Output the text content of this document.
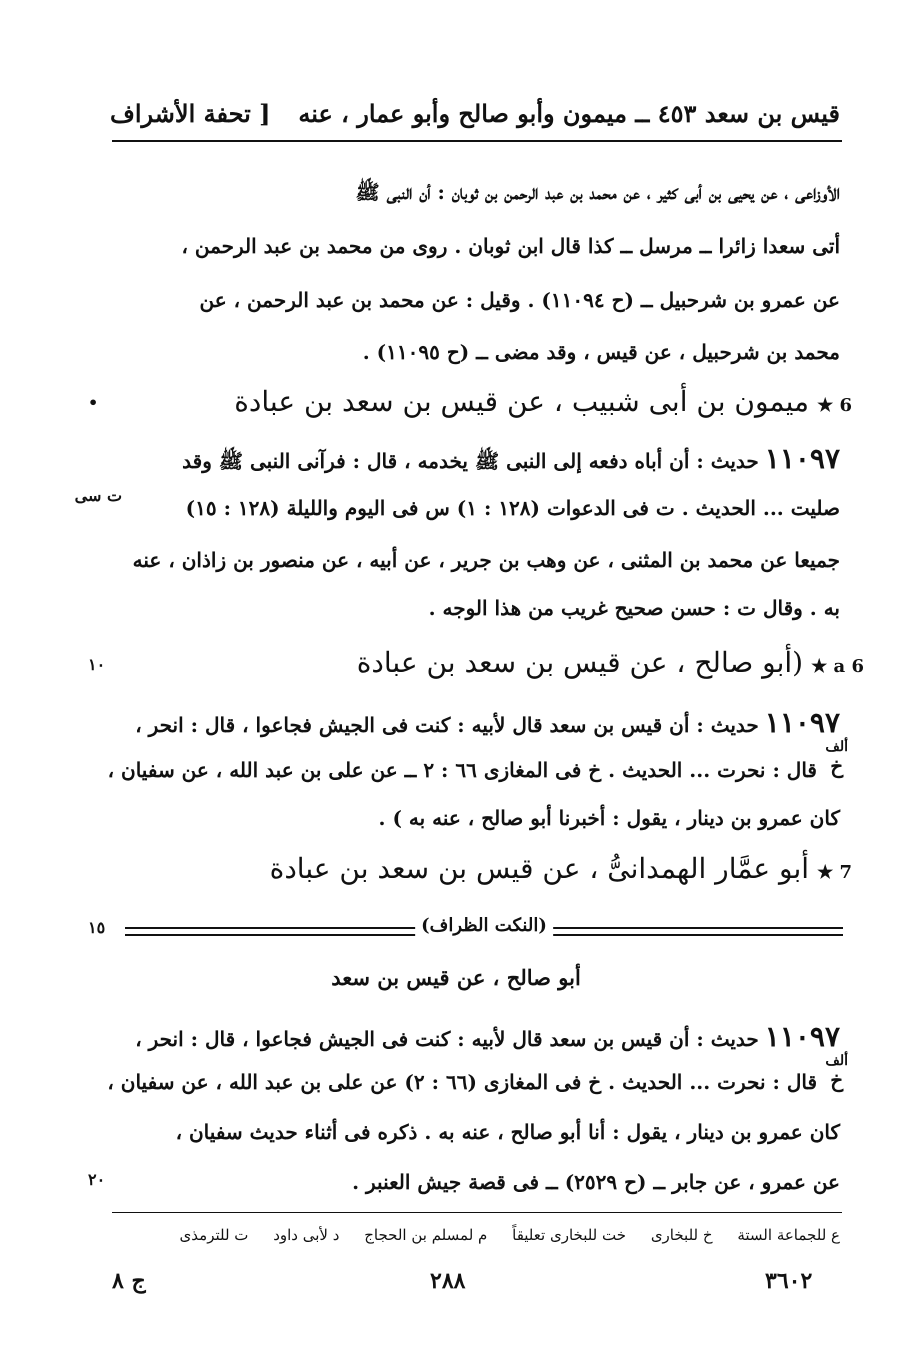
قيس بن سعد ٤٥٣ ــ ميمون وأبو صالح وأبو عمار ، عنه
[ تحفة الأشراف
الأوزاعى ، عن يحيى بن أبى كثير ، عن محمد بن عبد الرحمن بن ثوبان : أن النبى ﷺ
أتى سعدا زائرا ــ مرسل ــ كذا قال ابن ثوبان . روى من محمد بن عبد الرحمن ،
عن عمرو بن شرحبيل ــ (ح ١١٠٩٤) . وقيل : عن محمد بن عبد الرحمن ، عن
محمد بن شرحبيل ، عن قيس ، وقد مضى ــ (ح ١١٠٩٥) .
•	6 ★ميمون بن أبى شبيب ، عن قيس بن سعد بن عبادة
١١٠٩٧حديث : أن أباه دفعه إلى النبى ﷺ يخدمه ، قال : فرآنى النبى ﷺ وقد
ت سى
صليت ... الحديث . ت فى الدعوات (١٢٨ : ١) س فى اليوم والليلة (١٢٨ : ١٥)
جميعا عن محمد بن المثنى ، عن وهب بن جرير ، عن أبيه ، عن منصور بن زاذان ، عنه
به . وقال ت : حسن صحيح غريب من هذا الوجه .
١٠	6 a ★(أبو صالح ، عن قيس بن سعد بن عبادة
١١٠٩٧حديث : أن قيس بن سعد قال لأبيه : كنت فى الجيش فجاعوا ، قال : انحر ،
ألف
خ
قال : نحرت ... الحديث . خ فى المغازى ٦٦ : ٢ ــ عن على بن عبد الله ، عن سفيان ،
كان عمرو بن دينار ، يقول : أخبرنا أبو صالح ، عنه به ) .
7 ★أبو عمَّار الهمدانىُّ ، عن قيس بن سعد بن عبادة
١٥	(النكت الظراف)
أبو صالح ، عن قيس بن سعد
١١٠٩٧حديث : أن قيس بن سعد قال لأبيه : كنت فى الجيش فجاعوا ، قال : انحر ،
ألف
خ
قال : نحرت ... الحديث . خ فى المغازى (٦٦ : ٢) عن على بن عبد الله ، عن سفيان ،
كان عمرو بن دينار ، يقول : أنا أبو صالح ، عنه به . ذكره فى أثناء حديث سفيان ،
٢٠	عن عمرو ، عن جابر ــ (ح ٢٥٢٩) ــ فى قصة جيش العنبر .
ع للجماعة الستة خ للبخارى خت للبخارى تعليقاً م لمسلم بن الحجاج د لأبى داود ت للترمذى
ج ٨	٢٨٨	٣٦٠٢
